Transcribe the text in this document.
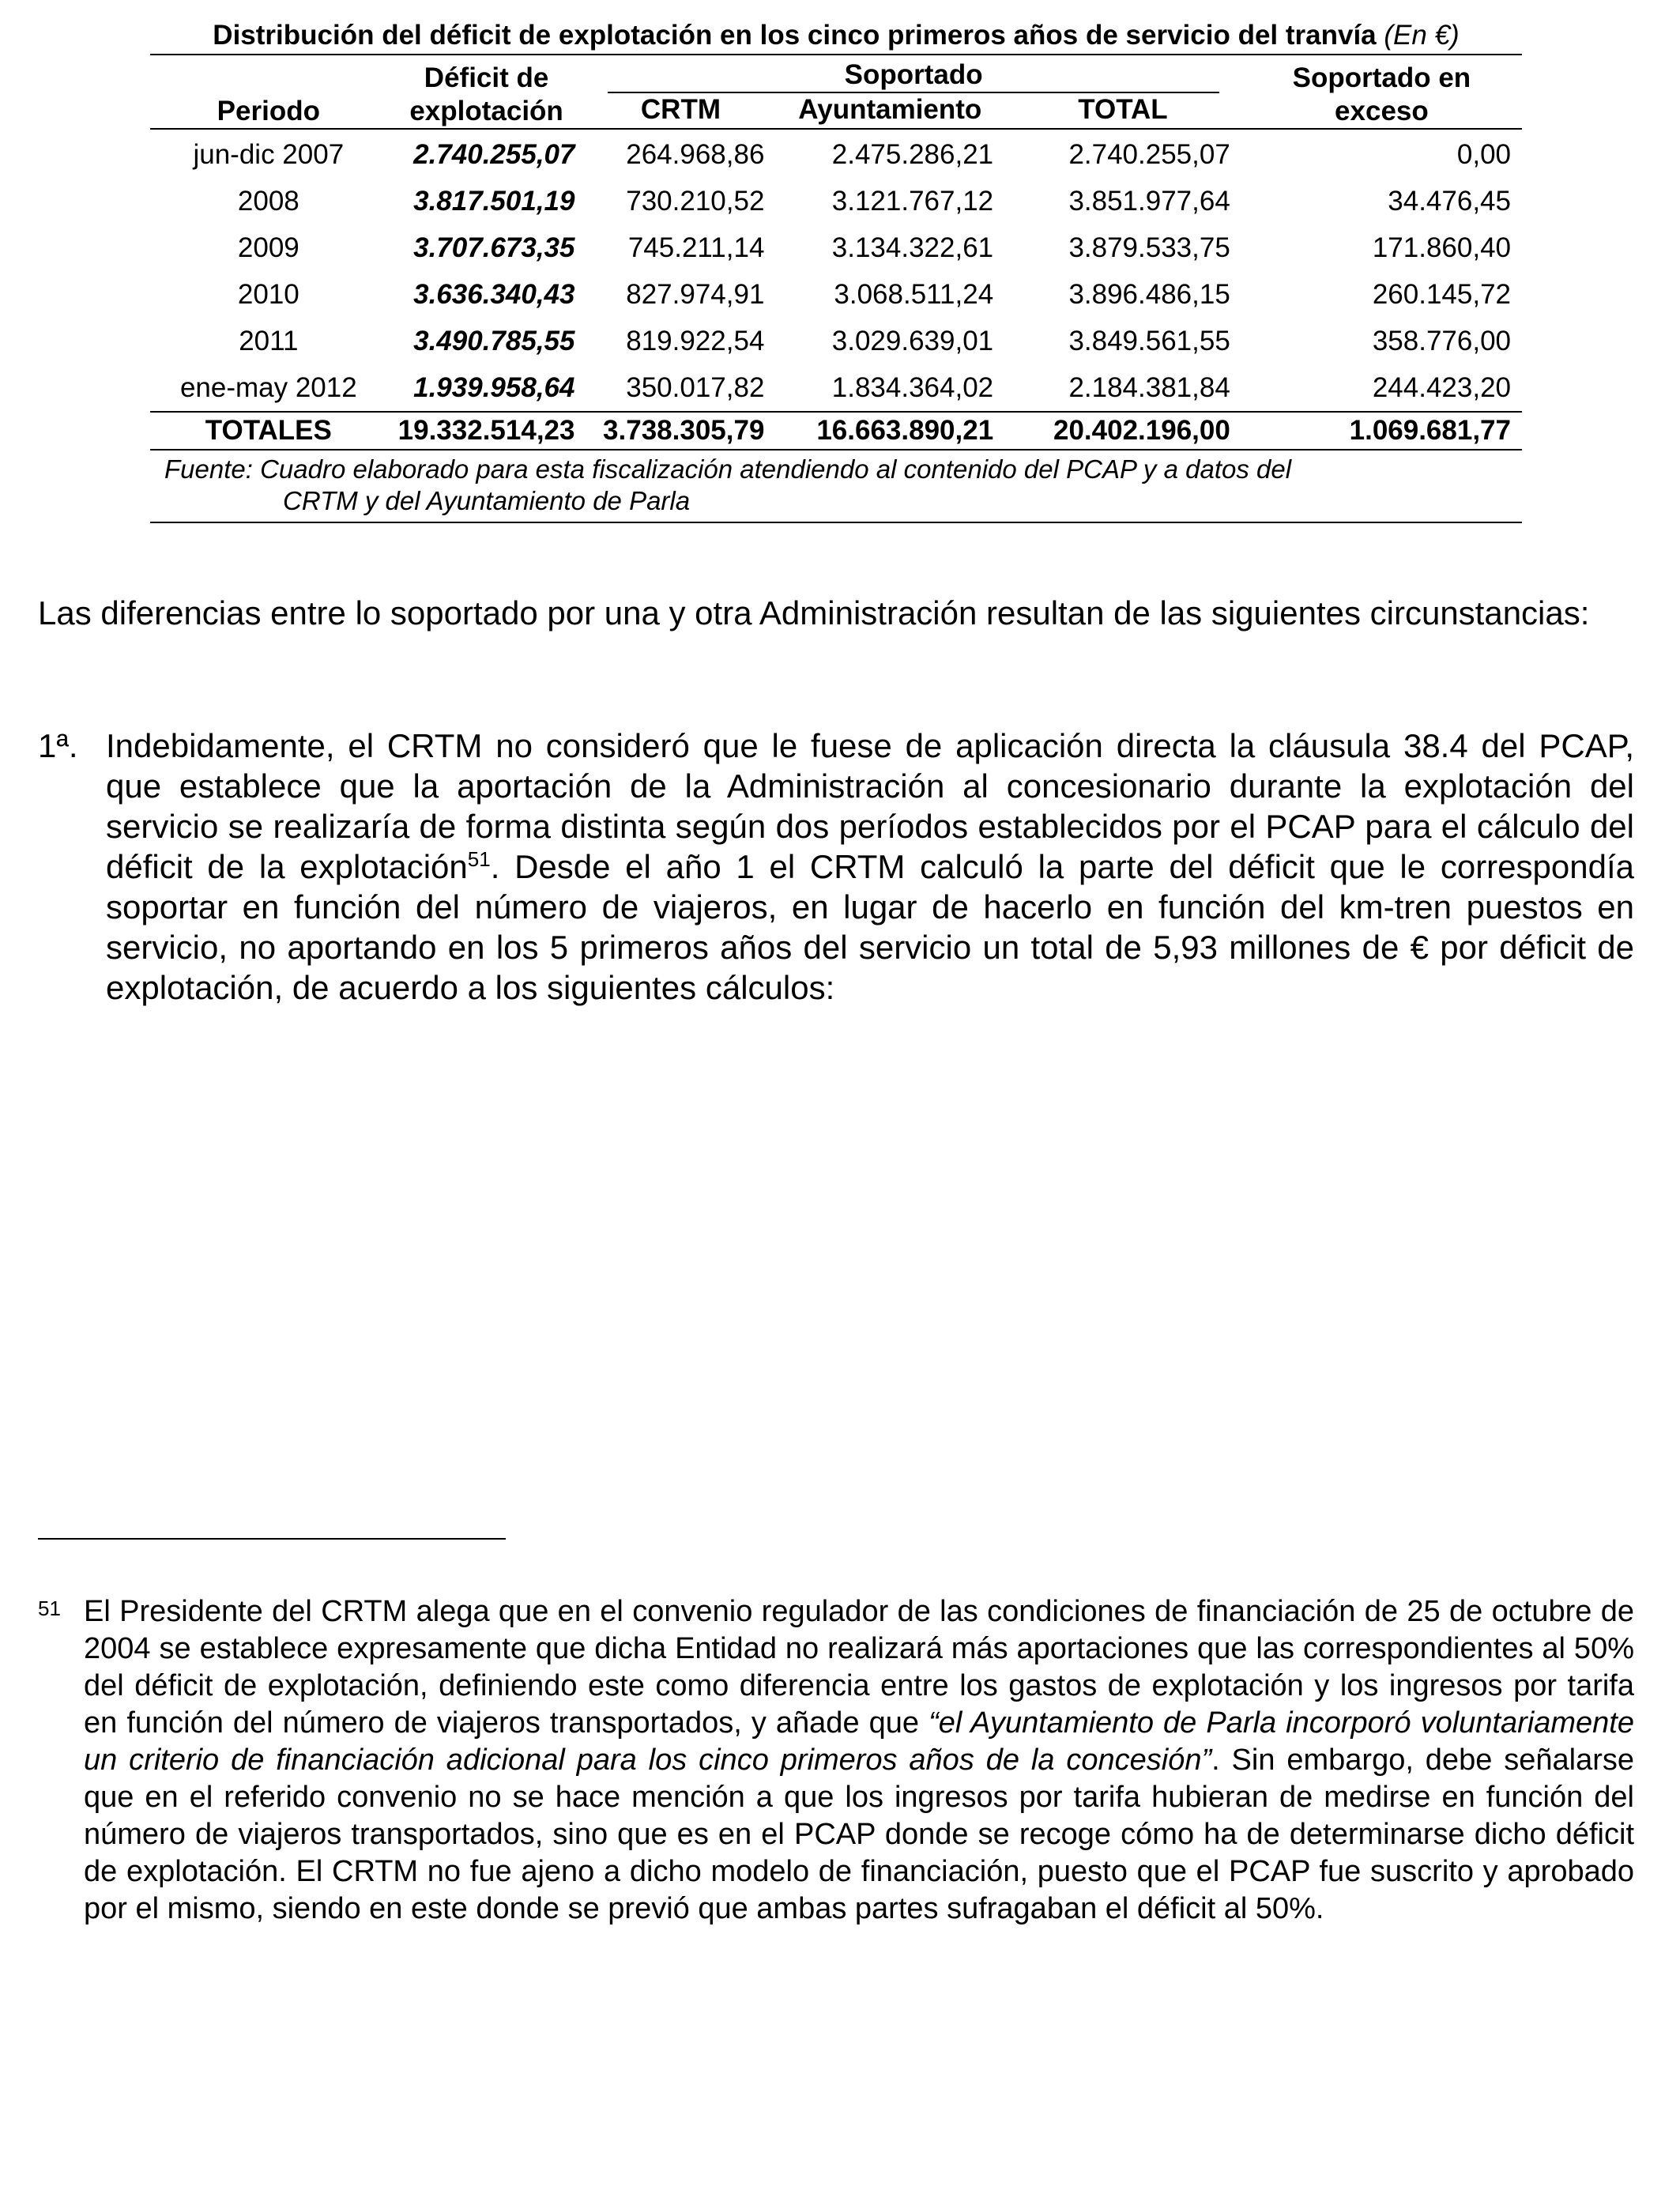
Distribución del déficit de explotación en los cinco primeros años de servicio del tranvía (En €)
Periodo	Déficit de explotación	Soportado			Soportado en exceso
		CRTM	Ayuntamiento	TOTAL	
jun-dic 2007	2.740.255,07	264.968,86	2.475.286,21	2.740.255,07	0,00
2008	3.817.501,19	730.210,52	3.121.767,12	3.851.977,64	34.476,45
2009	3.707.673,35	745.211,14	3.134.322,61	3.879.533,75	171.860,40
2010	3.636.340,43	827.974,91	3.068.511,24	3.896.486,15	260.145,72
2011	3.490.785,55	819.922,54	3.029.639,01	3.849.561,55	358.776,00
ene-may 2012	1.939.958,64	350.017,82	1.834.364,02	2.184.381,84	244.423,20
TOTALES	19.332.514,23	3.738.305,79	16.663.890,21	20.402.196,00	1.069.681,77
Fuente: Cuadro elaborado para esta fiscalización atendiendo al contenido del PCAP y a datos del
CRTM y del Ayuntamiento de Parla

Las diferencias entre lo soportado por una y otra Administración resultan de las siguientes circunstancias:

1ª. Indebidamente, el CRTM no consideró que le fuese de aplicación directa la cláusula 38.4 del PCAP, que establece que la aportación de la Administración al concesionario durante la explotación del servicio se realizaría de forma distinta según dos períodos establecidos por el PCAP para el cálculo del déficit de la explotación$^{51}$. Desde el año 1 el CRTM calculó la parte del déficit que le correspondía soportar en función del número de viajeros, en lugar de hacerlo en función del km-tren puestos en servicio, no aportando en los 5 primeros años del servicio un total de 5,93 millones de € por déficit de explotación, de acuerdo a los siguientes cálculos:
51 El Presidente del CRTM alega que en el convenio regulador de las condiciones de financiación de 25 de octubre de 2004 se establece expresamente que dicha Entidad no realizará más aportaciones que las correspondientes al 50% del déficit de explotación, definiendo este como diferencia entre los gastos de explotación y los ingresos por tarifa en función del número de viajeros transportados, y añade que “el Ayuntamiento de Parla incorporó voluntariamente un criterio de financiación adicional para los cinco primeros años de la concesión”. Sin embargo, debe señalarse que en el referido convenio no se hace mención a que los ingresos por tarifa hubieran de medirse en función del número de viajeros transportados, sino que es en el PCAP donde se recoge cómo ha de determinarse dicho déficit de explotación. El CRTM no fue ajeno a dicho modelo de financiación, puesto que el PCAP fue suscrito y aprobado por el mismo, siendo en este donde se previó que ambas partes sufragaban el déficit al 50%.
